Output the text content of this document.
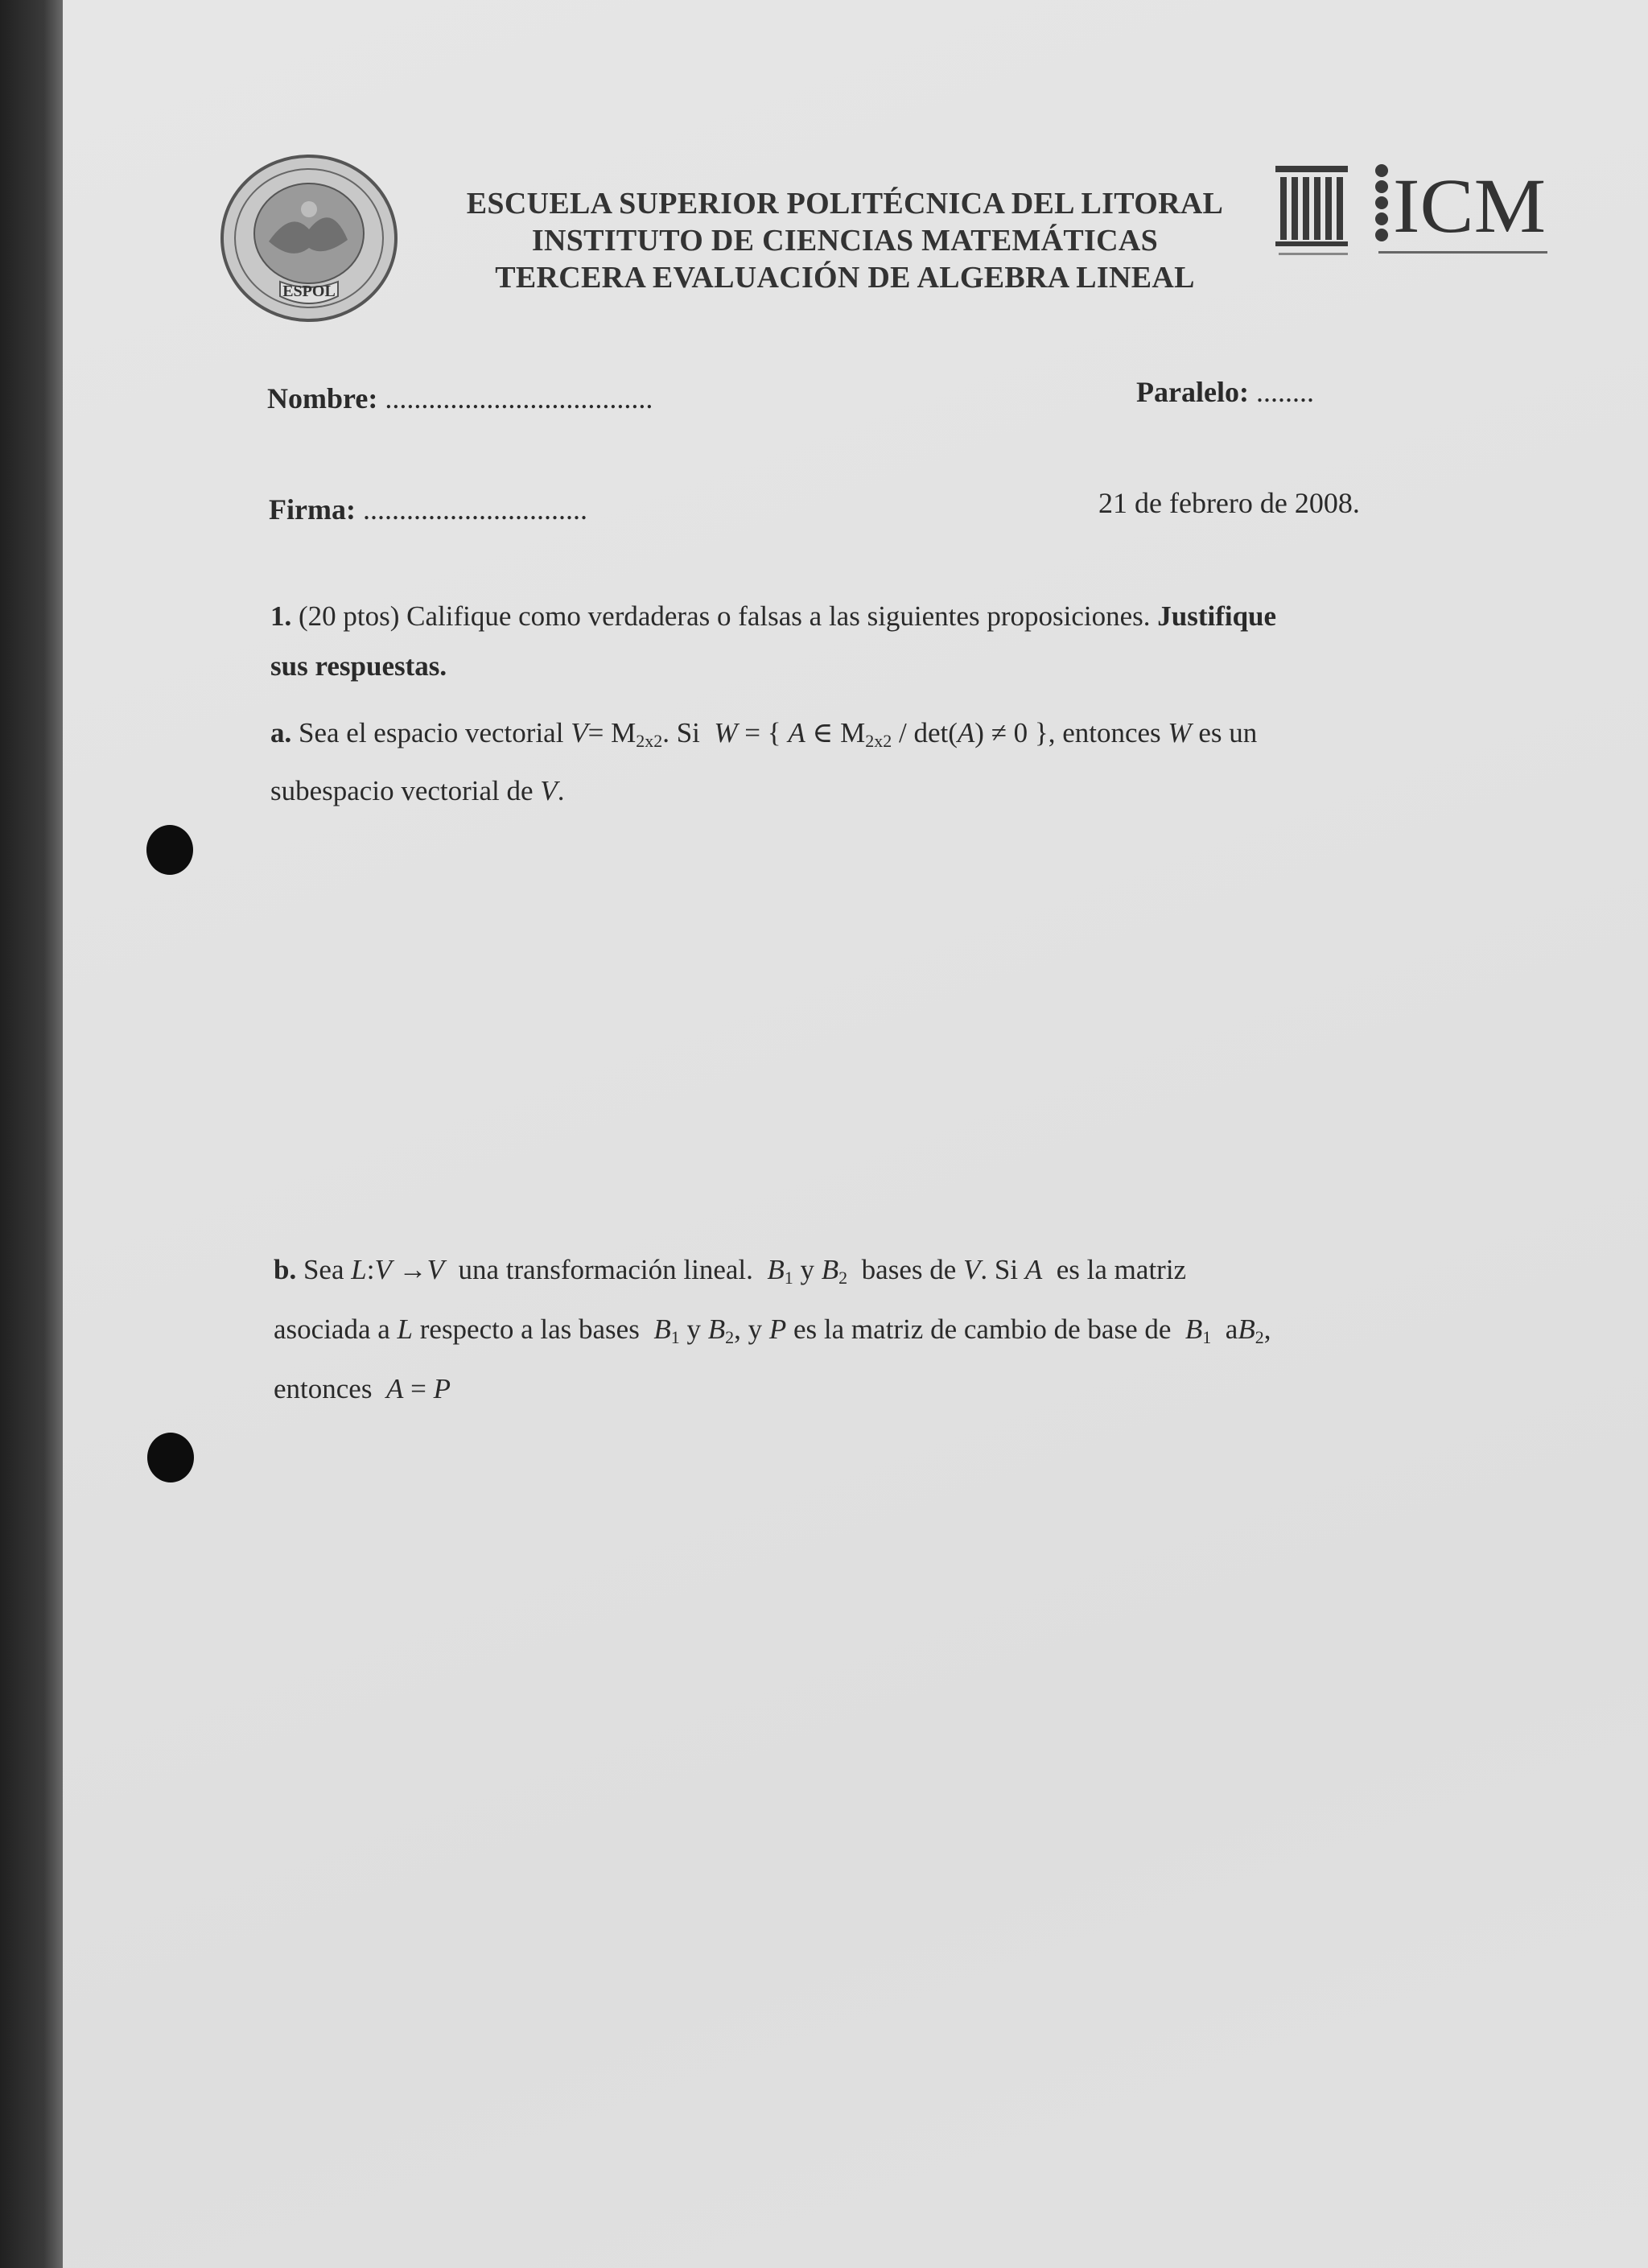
ESPOL
ESCUELA SUPERIOR POLITÉCNICA DEL LITORAL
INSTITUTO DE CIENCIAS MATEMÁTICAS
TERCERA EVALUACIÓN DE ALGEBRA LINEAL
ICM
Nombre: .....................................	Paralelo: ........
Firma: ...............................	21 de febrero de 2008.
1. (20 ptos) Califique como verdaderas o falsas a las siguientes proposiciones. Justifique
sus respuestas.
a. Sea el espacio vectorial $V= M_{2x2}$. Si W = { A ∈ $M_{2x2} / \det(A) \ne 0$ }, entonces W es un
subespacio vectorial de V.
b. Sea L:V →V una transformación lineal. $B_1$ y $B_2$ bases de V. Si A es la matriz
asociada a L respecto a las bases $B_1$ y $B_2$, y P es la matriz de cambio de base de $B_1$ $aB_2$,
entonces A = P
